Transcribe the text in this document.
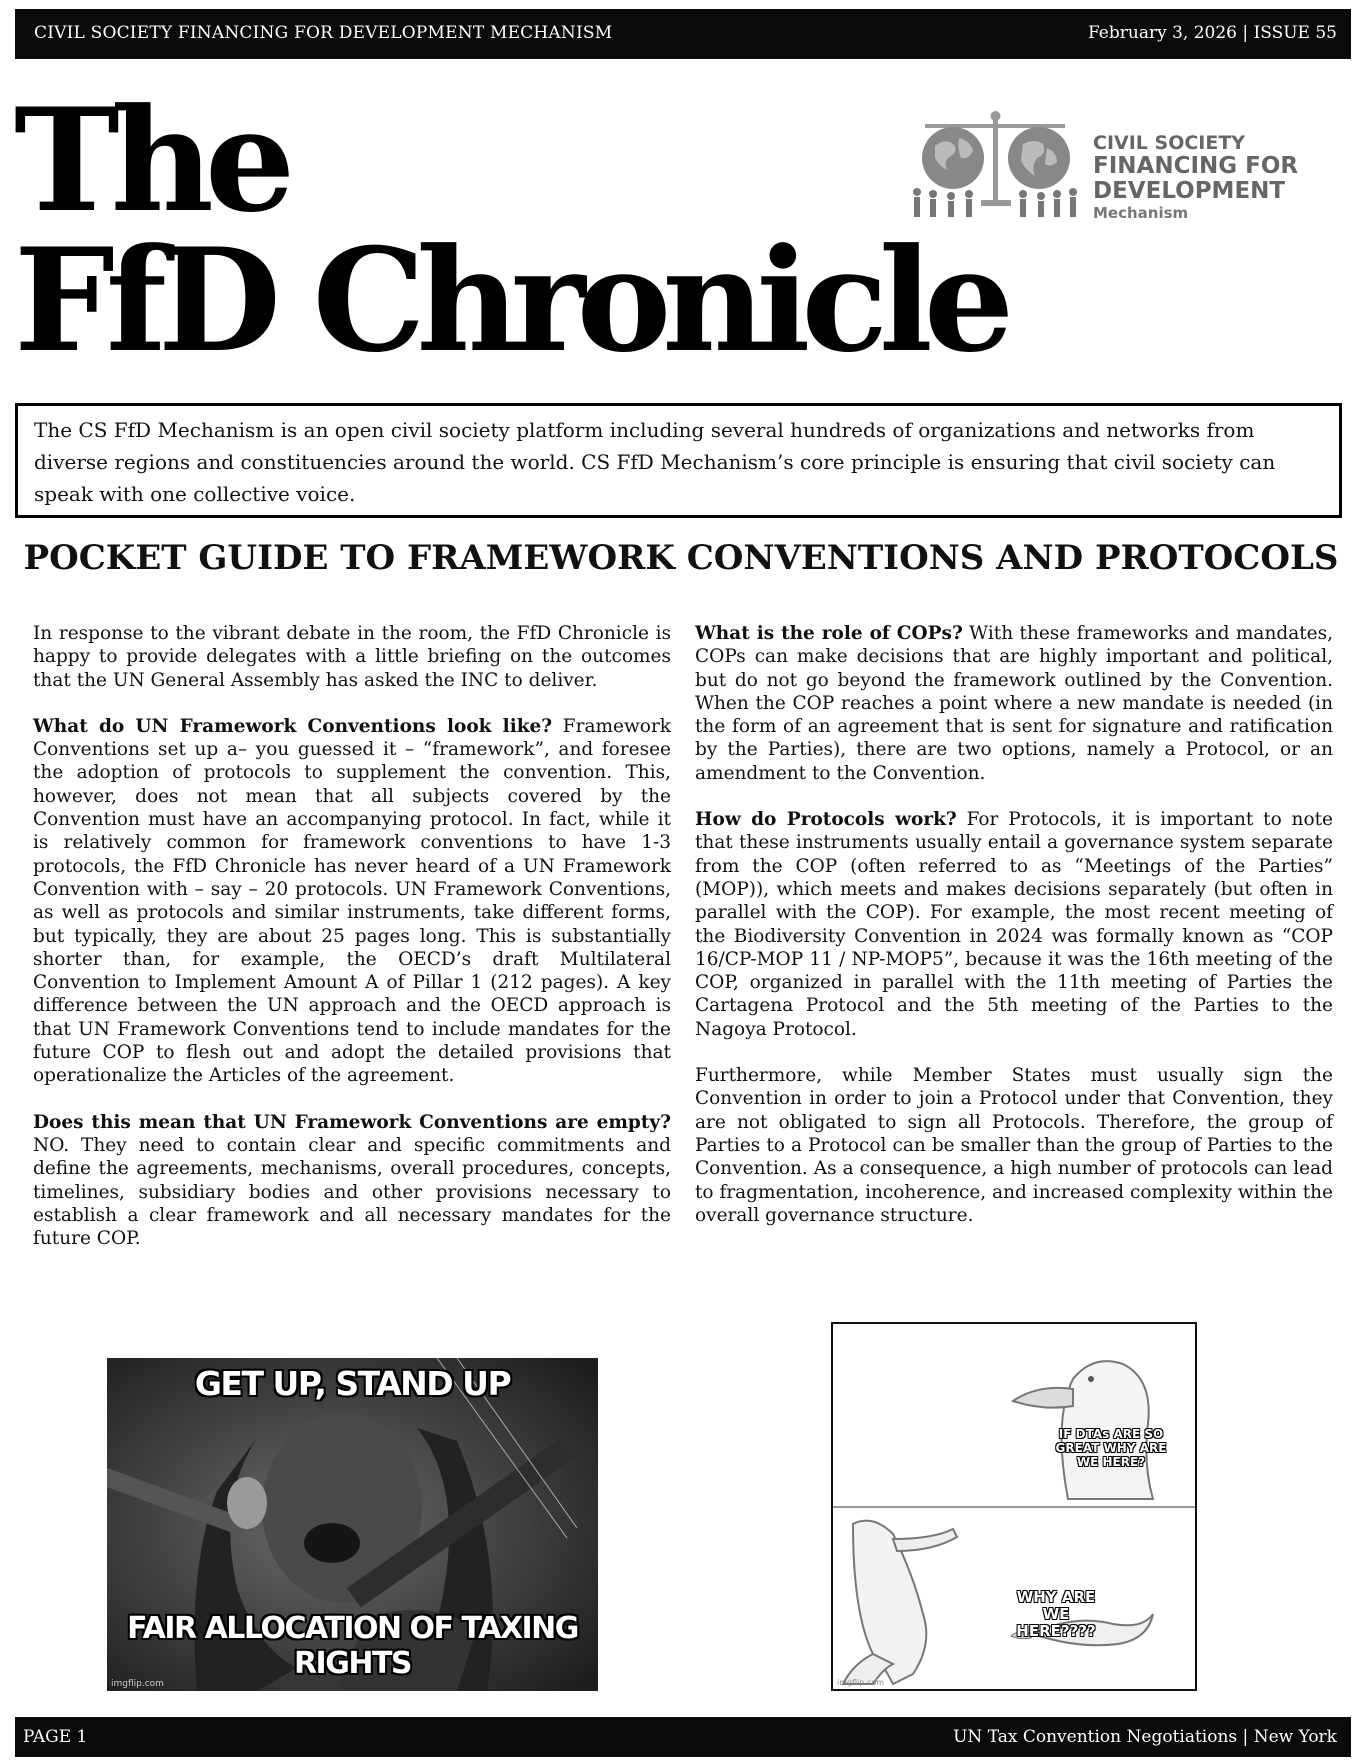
CIVIL SOCIETY FINANCING FOR DEVELOPMENT MECHANISM	February 3, 2026 | ISSUE 55
The
FfD Chronicle
CIVIL SOCIETY
FINANCING FOR
DEVELOPMENT
Mechanism
The CS FfD Mechanism is an open civil society platform including several hundreds of organizations and networks from diverse regions and constituencies around the world. CS FfD Mechanism’s core principle is ensuring that civil society can speak with one collective voice.
POCKET GUIDE TO FRAMEWORK CONVENTIONS AND PROTOCOLS

In response to the vibrant debate in the room, the FfD Chronicle is happy to provide delegates with a little briefing on the outcomes that the UN General Assembly has asked the INC to deliver.

What do UN Framework Conventions look like? Framework Conventions set up a– you guessed it – “framework”, and foresee the adoption of protocols to supplement the convention. This, however, does not mean that all subjects covered by the Convention must have an accompanying protocol. In fact, while it is relatively common for framework conventions to have 1-3 protocols, the FfD Chronicle has never heard of a UN Framework Convention with – say – 20 protocols. UN Framework Conventions, as well as protocols and similar instruments, take different forms, but typically, they are about 25 pages long. This is substantially shorter than, for example, the OECD’s draft Multilateral Convention to Implement Amount A of Pillar 1 (212 pages). A key difference between the UN approach and the OECD approach is that UN Framework Conventions tend to include mandates for the future COP to flesh out and adopt the detailed provisions that operationalize the Articles of the agreement.

Does this mean that UN Framework Conventions are empty? NO. They need to contain clear and specific commitments and define the agreements, mechanisms, overall procedures, concepts, timelines, subsidiary bodies and other provisions necessary to establish a clear framework and all necessary mandates for the future COP.

What is the role of COPs? With these frameworks and mandates, COPs can make decisions that are highly important and political, but do not go beyond the framework outlined by the Convention. When the COP reaches a point where a new mandate is needed (in the form of an agreement that is sent for signature and ratification by the Parties), there are two options, namely a Protocol, or an amendment to the Convention.

How do Protocols work? For Protocols, it is important to note that these instruments usually entail a governance system separate from the COP (often referred to as “Meetings of the Parties” (MOP)), which meets and makes decisions separately (but often in parallel with the COP). For example, the most recent meeting of the Biodiversity Convention in 2024 was formally known as “COP 16/CP-MOP 11 / NP-MOP5”, because it was the 16th meeting of the COP, organized in parallel with the 11th meeting of Parties the Cartagena Protocol and the 5th meeting of the Parties to the Nagoya Protocol.

Furthermore, while Member States must usually sign the Convention in order to join a Protocol under that Convention, they are not obligated to sign all Protocols. Therefore, the group of Parties to a Protocol can be smaller than the group of Parties to the Convention. As a consequence, a high number of protocols can lead to fragmentation, incoherence, and increased complexity within the overall governance structure.

GET UP, STAND UP
FAIR ALLOCATION OF TAXING RIGHTS
imgflip.com
IF DTAs ARE SO GREAT WHY ARE WE HERE?
WHY ARE WE HERE????
imgflip.com
PAGE 1	UN Tax Convention Negotiations | New York
